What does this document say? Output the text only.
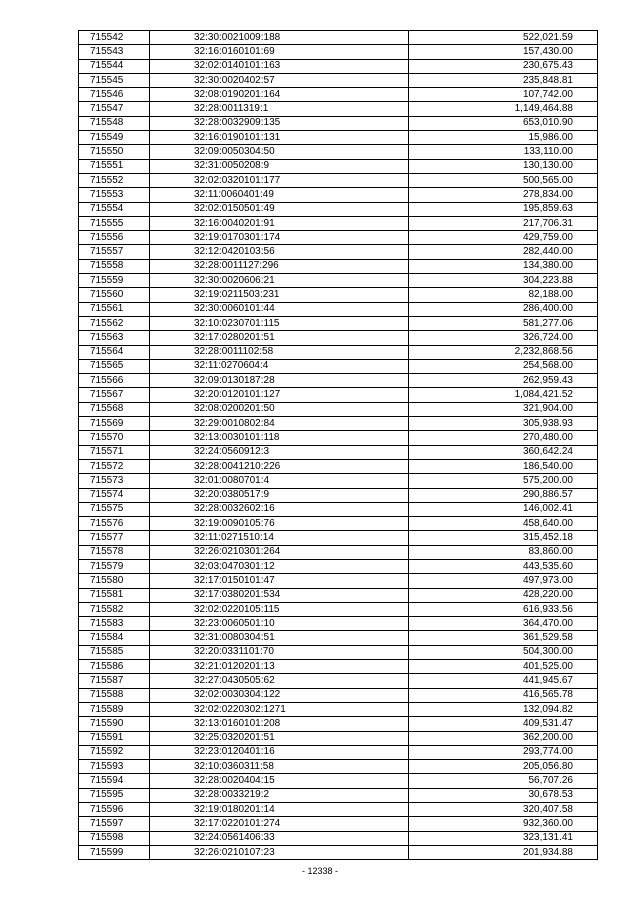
715542	32:30:0021009:188	522,021.59
715543	32:16:0160101:69	157,430.00
715544	32:02:0140101:163	230,675.43
715545	32:30:0020402:57	235,848.81
715546	32:08:0190201:164	107,742.00
715547	32:28:0011319:1	1,149,464.88
715548	32:28:0032909:135	653,010.90
715549	32:16:0190101:131	15,986.00
715550	32:09:0050304:50	133,110.00
715551	32:31:0050208:9	130,130.00
715552	32:02:0320101:177	500,565.00
715553	32:11:0060401:49	278,834.00
715554	32:02:0150501:49	195,859.63
715555	32:16:0040201:91	217,706.31
715556	32:19:0170301:174	429,759.00
715557	32:12:0420103:56	282,440.00
715558	32:28:0011127:296	134,380.00
715559	32:30:0020606:21	304,223.88
715560	32:19:0211503:231	82,188.00
715561	32:30:0060101:44	286,400.00
715562	32:10:0230701:115	581,277.06
715563	32:17:0280201:51	326,724.00
715564	32:28:0011102:58	2,232,868.56
715565	32:11:0270604:4	254,568.00
715566	32:09:0130187:28	262,959.43
715567	32:20:0120101:127	1,084,421.52
715568	32:08:0200201:50	321,904.00
715569	32:29:0010802:84	305,938.93
715570	32:13:0030101:118	270,480.00
715571	32:24:0560912:3	360,642.24
715572	32:28:0041210:226	186,540.00
715573	32:01:0080701:4	575,200.00
715574	32:20:0380517:9	290,886.57
715575	32:28:0032602:16	146,002.41
715576	32:19:0090105:76	458,640.00
715577	32:11:0271510:14	315,452.18
715578	32:26:0210301:264	83,860.00
715579	32:03:0470301:12	443,535.60
715580	32:17:0150101:47	497,973.00
715581	32:17:0380201:534	428,220.00
715582	32:02:0220105:115	616,933.56
715583	32:23:0060501:10	364,470.00
715584	32:31:0080304:51	361,529.58
715585	32:20:0331101:70	504,300.00
715586	32:21:0120201:13	401,525.00
715587	32:27:0430505:62	441,945.67
715588	32:02:0030304:122	416,565.78
715589	32:02:0220302:1271	132,094.82
715590	32:13:0160101:208	409,531.47
715591	32:25:0320201:51	362,200.00
715592	32:23:0120401:16	293,774.00
715593	32:10:0360311:58	205,056.80
715594	32:28:0020404:15	56,707.26
715595	32:28:0033219:2	30,678.53
715596	32:19:0180201:14	320,407.58
715597	32:17:0220101:274	932,360.00
715598	32:24:0561406:33	323,131.41
715599	32:26:0210107:23	201,934.88
- 12338 -
